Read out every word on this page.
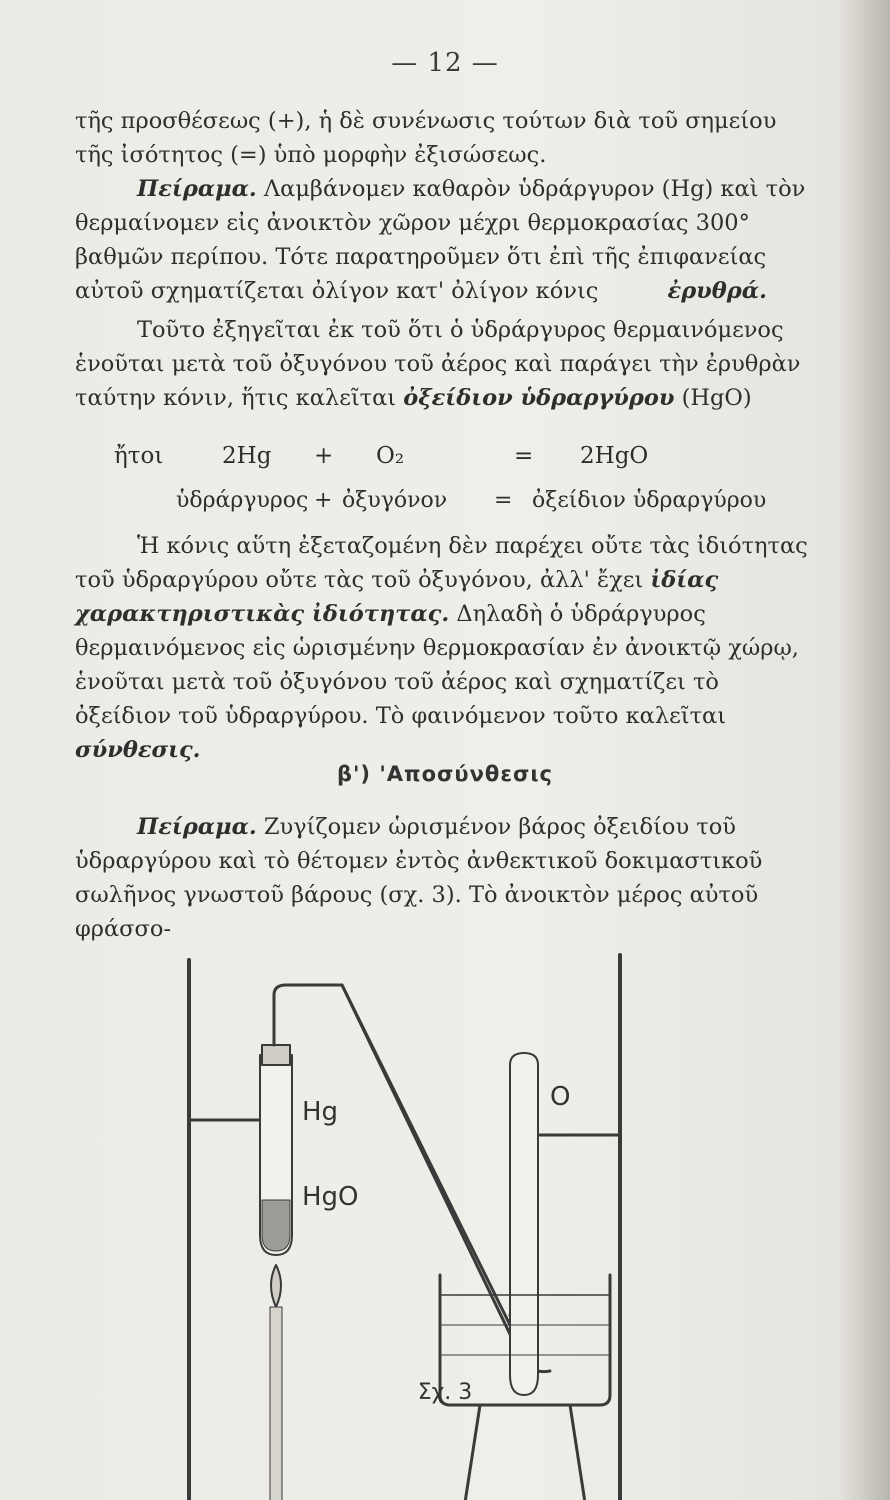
— 12 —
τῆς προσθέσεως (+), ἡ δὲ συνένωσις τούτων διὰ τοῦ σημείου τῆς ἰσότητος (=) ὑπὸ μορφὴν ἐξισώσεως.
Πείραμα. Λαμβάνομεν καθαρὸν ὑδράργυρον (Hg) καὶ τὸν θερμαίνομεν εἰς ἀνοικτὸν χῶρον μέχρι θερμοκρασίας 300° βαθμῶν περίπου. Τότε παρατηροῦμεν ὅτι ἐπὶ τῆς ἐπιφανείας αὐτοῦ σχηματίζεται ὀλίγον κατ' ὀλίγον κόνις	ἐρυθρά.
Τοῦτο ἐξηγεῖται ἐκ τοῦ ὅτι ὁ ὑδράργυρος θερμαινόμενος ἑνοῦται μετὰ τοῦ ὀξυγόνου τοῦ ἀέρος καὶ παράγει τὴν ἐρυθρὰν ταύτην κόνιν, ἥτις καλεῖται ὀξείδιον ὑδραργύρου (HgO)
ἤτοι	2Hg + O₂	= 2HgO
ὑδράργυρος + ὀξυγόνον = ὀξείδιον ὑδραργύρου
Ἡ κόνις αὕτη ἐξεταζομένη δὲν παρέχει οὔτε τὰς ἰδιότητας τοῦ ὑδραργύρου οὔτε τὰς τοῦ ὀξυγόνου, ἀλλ' ἔχει ἰδίας χαρακτηριστικὰς ἰδιότητας. Δηλαδὴ ὁ ὑδράργυρος θερμαινόμενος εἰς ὡρισμένην θερμοκρασίαν ἐν ἀνοικτῷ χώρῳ, ἑνοῦται μετὰ τοῦ ὀξυγόνου τοῦ ἀέρος καὶ σχηματίζει τὸ ὀξείδιον τοῦ ὑδραργύρου. Τὸ φαινόμενον τοῦτο καλεῖται σύνθεσις.
β') 'Αποσύνθεσις
Πείραμα. Ζυγίζομεν ὡρισμένον βάρος ὀξειδίου τοῦ ὑδραργύρου καὶ τὸ θέτομεν ἐντὸς ἀνθεκτικοῦ δοκιμαστικοῦ σωλῆνος γνωστοῦ βάρους (σχ. 3). Τὸ ἀνοικτὸν μέρος αὐτοῦ φράσσο-
Hg
HgO
O
Σχ. 3
